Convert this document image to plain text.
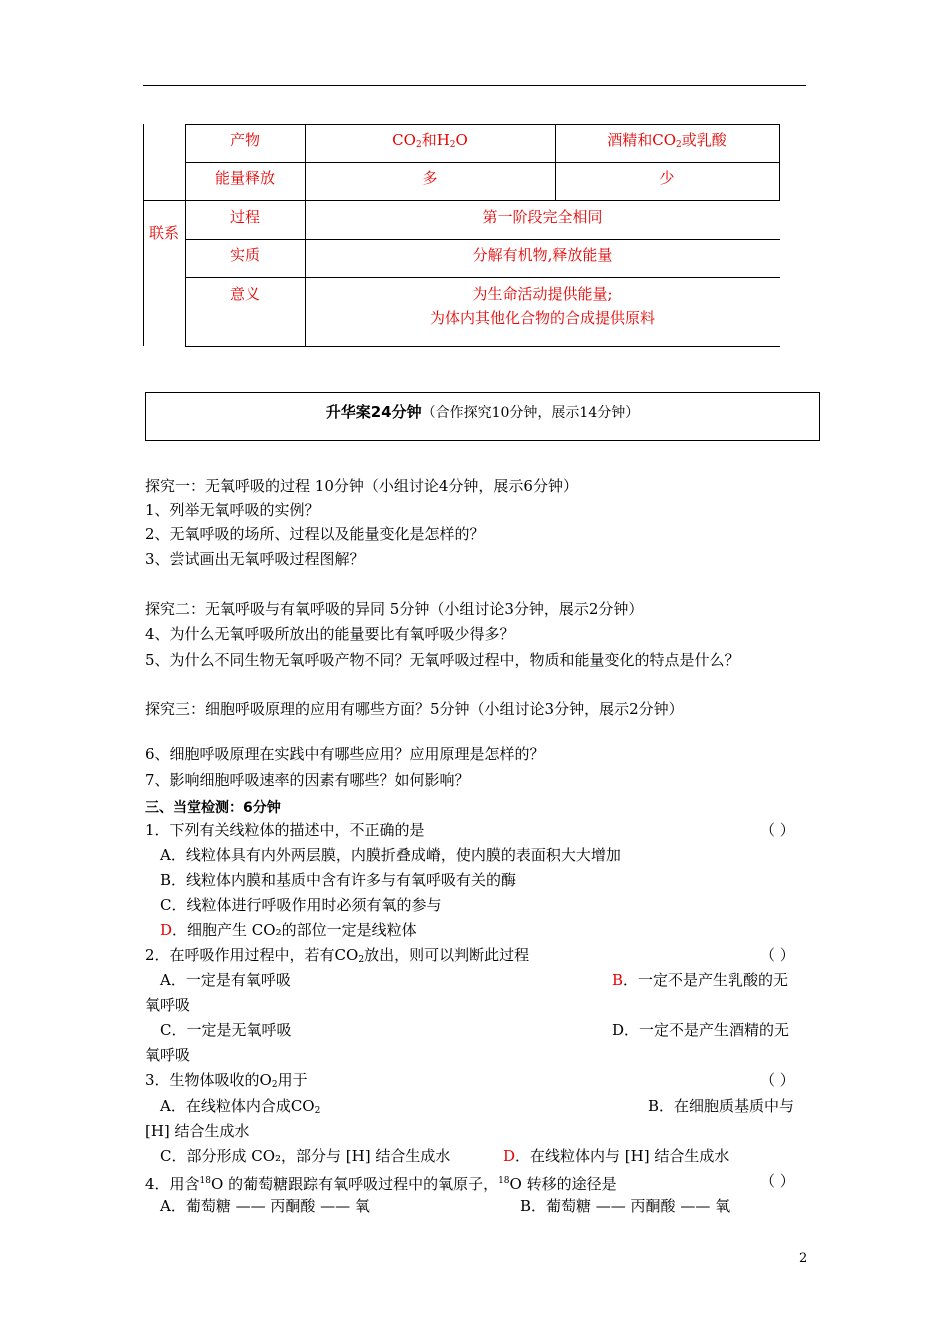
产物	$CO_2$和$H_2O$	酒精和$CO_2$或乳酸
能量释放	多	少
联系
过程	第一阶段完全相同
实质	分解有机物,释放能量
意义	为生命活动提供能量;
为体内其他化合物的合成提供原料
升华案24分钟（合作探究10分钟，展示14分钟）
探究一：无氧呼吸的过程 10分钟（小组讨论4分钟，展示6分钟）
1、列举无氧呼吸的实例？
2、无氧呼吸的场所、过程以及能量变化是怎样的？
3、尝试画出无氧呼吸过程图解？
探究二：无氧呼吸与有氧呼吸的异同 5分钟（小组讨论3分钟，展示2分钟）
4、为什么无氧呼吸所放出的能量要比有氧呼吸少得多？
5、为什么不同生物无氧呼吸产物不同？无氧呼吸过程中，物质和能量变化的特点是什么？
探究三：细胞呼吸原理的应用有哪些方面？5分钟（小组讨论3分钟，展示2分钟）
6、细胞呼吸原理在实践中有哪些应用？应用原理是怎样的？
7、影响细胞呼吸速率的因素有哪些？如何影响？
三、当堂检测：6分钟
1．下列有关线粒体的描述中，不正确的是	（ ）
A．线粒体具有内外两层膜，内膜折叠成嵴，使内膜的表面积大大增加
B．线粒体内膜和基质中含有许多与有氧呼吸有关的酶
C．线粒体进行呼吸作用时必须有氧的参与
D．细胞产生 CO₂的部位一定是线粒体
2．在呼吸作用过程中，若有$CO_2$放出，则可以判断此过程	（ ）
A．一定是有氧呼吸	B．一定不是产生乳酸的无
氧呼吸
C．一定是无氧呼吸	D．一定不是产生酒精的无
氧呼吸
3．生物体吸收的$O_2$用于	（ ）
A．在线粒体内合成$CO_2$	B．在细胞质基质中与
[H] 结合生成水
C．部分形成 CO₂，部分与 [H] 结合生成水	D．在线粒体内与 [H] 结合生成水
4．用含$^{18}$O 的葡萄糖跟踪有氧呼吸过程中的氧原子，$^{18}$O 转移的途径是	（ ）
A．葡萄糖 —— 丙酮酸 —— 氧	B．葡萄糖 —— 丙酮酸 —— 氧
2
